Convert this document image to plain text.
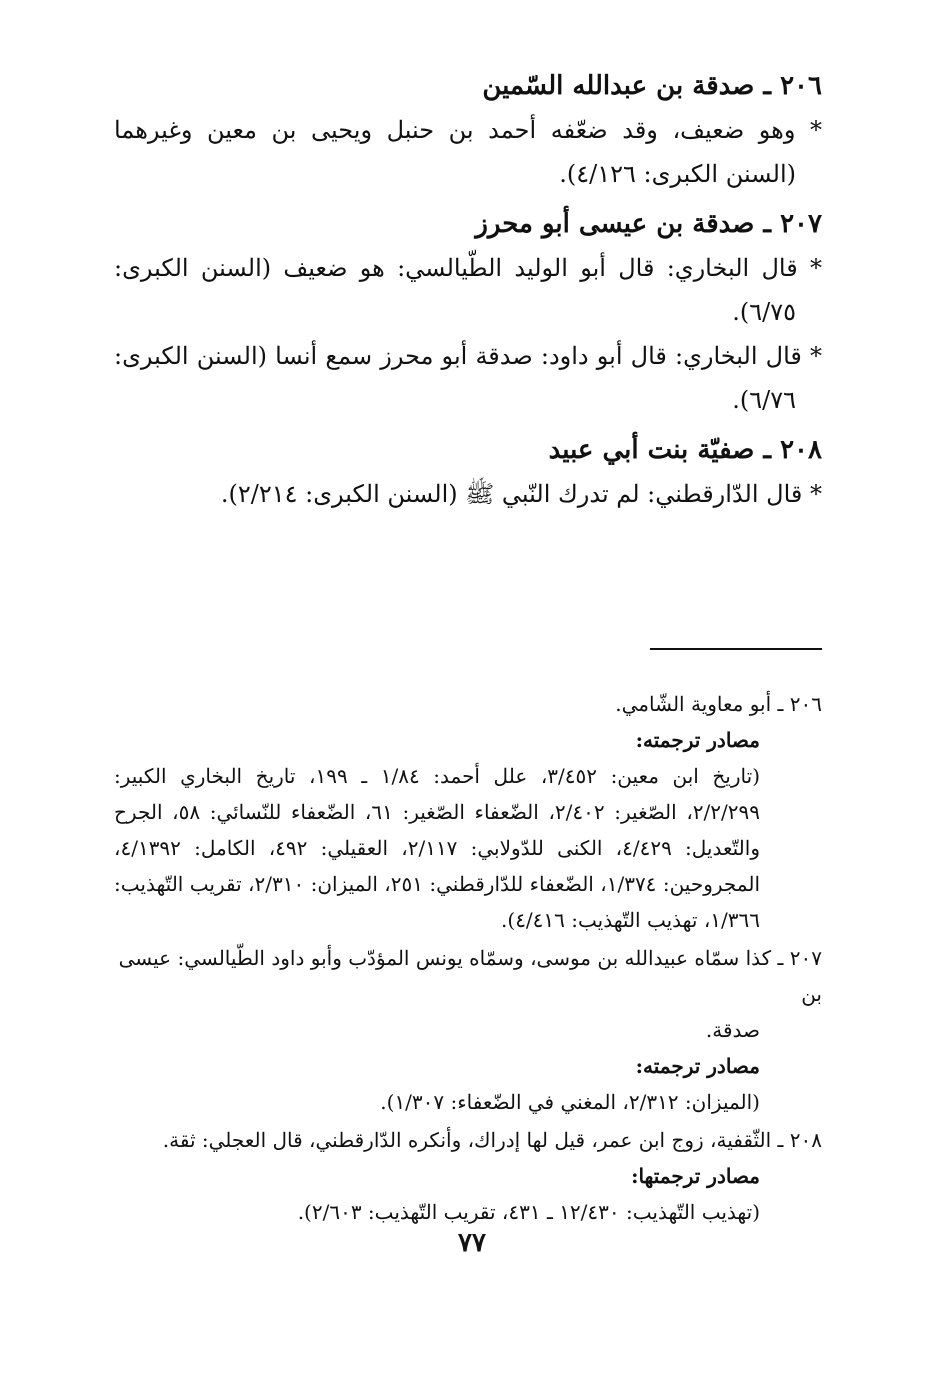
٢٠٦ ـ صدقة بن عبدالله السّمين

* وهو ضعيف، وقد ضعّفه أحمد بن حنبل ويحيى بن معين وغيرهما (السنن الكبرى: ٤/١٢٦).

٢٠٧ ـ صدقة بن عيسى أبو محرز

* قال البخاري: قال أبو الوليد الطّيالسي: هو ضعيف (السنن الكبرى: ٦/٧٥).

* قال البخاري: قال أبو داود: صدقة أبو محرز سمع أنسا (السنن الكبرى: ٦/٧٦).

٢٠٨ ـ صفيّة بنت أبي عبيد

* قال الدّارقطني: لم تدرك النّبي ﷺ (السنن الكبرى: ٢/٢١٤).

٢٠٦ ـ أبو معاوية الشّامي.

مصادر ترجمته:

(تاريخ ابن معين: ٣/٤٥٢، علل أحمد: ١/٨٤ ـ ١٩٩، تاريخ البخاري الكبير: ٢/٢/٢٩٩، الصّغير: ٢/٤٠٢، الضّعفاء الصّغير: ٦١، الضّعفاء للنّسائي: ٥٨، الجرح والتّعديل: ٤/٤٢٩، الكنى للدّولابي: ٢/١١٧، العقيلي: ٤٩٢، الكامل: ٤/١٣٩٢، المجروحين: ١/٣٧٤، الضّعفاء للدّارقطني: ٢٥١، الميزان: ٢/٣١٠، تقريب التّهذيب: ١/٣٦٦، تهذيب التّهذيب: ٤/٤١٦).

٢٠٧ ـ كذا سمّاه عبيدالله بن موسى، وسمّاه يونس المؤدّب وأبو داود الطّيالسي: عيسى بن

صدقة.

مصادر ترجمته:

(الميزان: ٢/٣١٢، المغني في الضّعفاء: ١/٣٠٧).

٢٠٨ ـ الثّقفية، زوج ابن عمر، قيل لها إدراك، وأنكره الدّارقطني، قال العجلي: ثقة.

مصادر ترجمتها:

(تهذيب التّهذيب: ١٢/٤٣٠ ـ ٤٣١، تقريب التّهذيب: ٢/٦٠٣).

٧٧
